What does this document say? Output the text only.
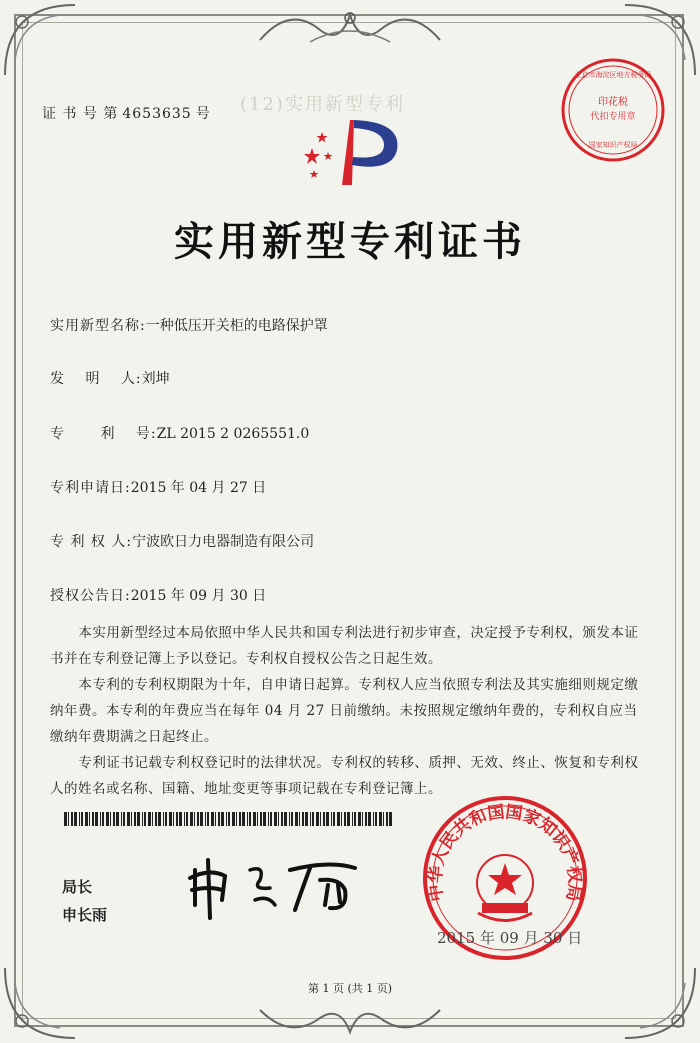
证 书 号 第 4653635 号 (12)实用新型专利	印花税
代扣专用章
北京市海淀区地方税务局
国家知识产权局
实用新型专利证书
实用新型名称:一种低压开关柜的电路保护罩
发　 明　 人:刘坤
专　　 利　 号:ZL 2015 2 0265551.0
专利申请日:2015 年 04 月 27 日
专 利 权 人:宁波欧日力电器制造有限公司
授权公告日:2015 年 09 月 30 日

本实用新型经过本局依照中华人民共和国专利法进行初步审查，决定授予专利权，颁发本证书并在专利登记簿上予以登记。专利权自授权公告之日起生效。

本专利的专利权期限为十年，自申请日起算。专利权人应当依照专利法及其实施细则规定缴纳年费。本专利的年费应当在每年 04 月 27 日前缴纳。未按照规定缴纳年费的，专利权自应当缴纳年费期满之日起终止。

专利证书记载专利权登记时的法律状况。专利权的转移、质押、无效、终止、恢复和专利权人的姓名或名称、国籍、地址变更等事项记载在专利登记簿上。

局长
申长雨
中华人民共和国国家知识产权局
2015 年 09 月 30 日
第 1 页 (共 1 页)
